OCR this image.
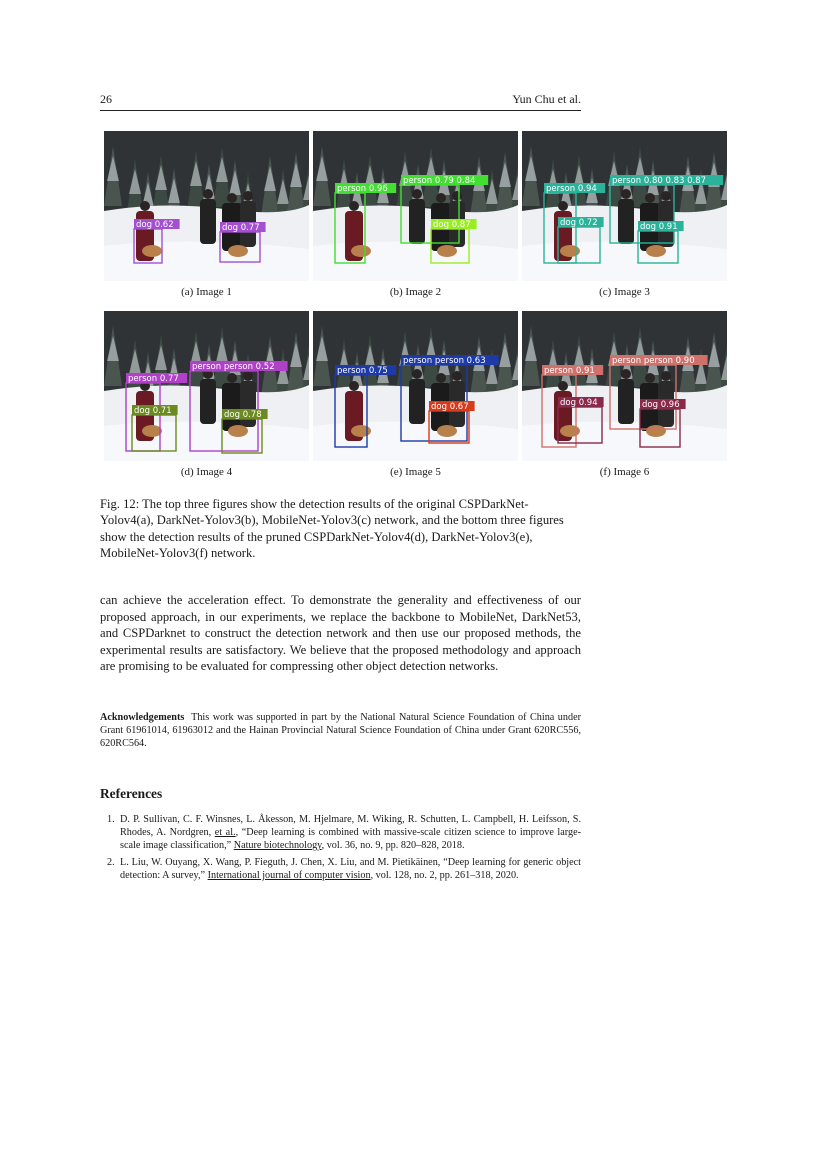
26	Yun Chu et al.
dog 0.62	dog 0.77
(a) Image 1
person 0.96
person 0.79 0.84
dog 0.87
(b) Image 2
person 0.94
person 0.80 0.83 0.87
dog 0.72	dog 0.91
(c) Image 3
person 0.77
person person 0.52
dog 0.71	dog 0.78
(d) Image 4
person 0.75
person person 0.63
dog 0.67
(e) Image 5
person 0.91
person person 0.90
dog 0.94	dog 0.96
(f) Image 6
Fig. 12: The top three figures show the detection results of the original CSPDarkNet-Yolov4(a), DarkNet-Yolov3(b), MobileNet-Yolov3(c) network, and the bottom three figures show the detection results of the pruned CSPDarkNet-Yolov4(d), DarkNet-Yolov3(e), MobileNet-Yolov3(f) network.
can achieve the acceleration effect. To demonstrate the generality and effectiveness of our proposed approach, in our experiments, we replace the backbone to MobileNet, DarkNet53, and CSPDarknet to construct the detection network and then use our proposed methods, the experimental results are satisfactory. We believe that the proposed methodology and approach are promising to be evaluated for compressing other object detection networks.
Acknowledgements This work was supported in part by the National Natural Science Foundation of China under Grant 61961014, 61963012 and the Hainan Provincial Natural Science Foundation of China under Grant 620RC556, 620RC564.
References
1. D. P. Sullivan, C. F. Winsnes, L. Åkesson, M. Hjelmare, M. Wiking, R. Schutten, L. Campbell, H. Leifsson, S. Rhodes, A. Nordgren, et al., “Deep learning is combined with massive-scale citizen science to improve large-scale image classification,” Nature biotechnology, vol. 36, no. 9, pp. 820–828, 2018.
2. L. Liu, W. Ouyang, X. Wang, P. Fieguth, J. Chen, X. Liu, and M. Pietikäinen, “Deep learning for generic object detection: A survey,” International journal of computer vision, vol. 128, no. 2, pp. 261–318, 2020.
